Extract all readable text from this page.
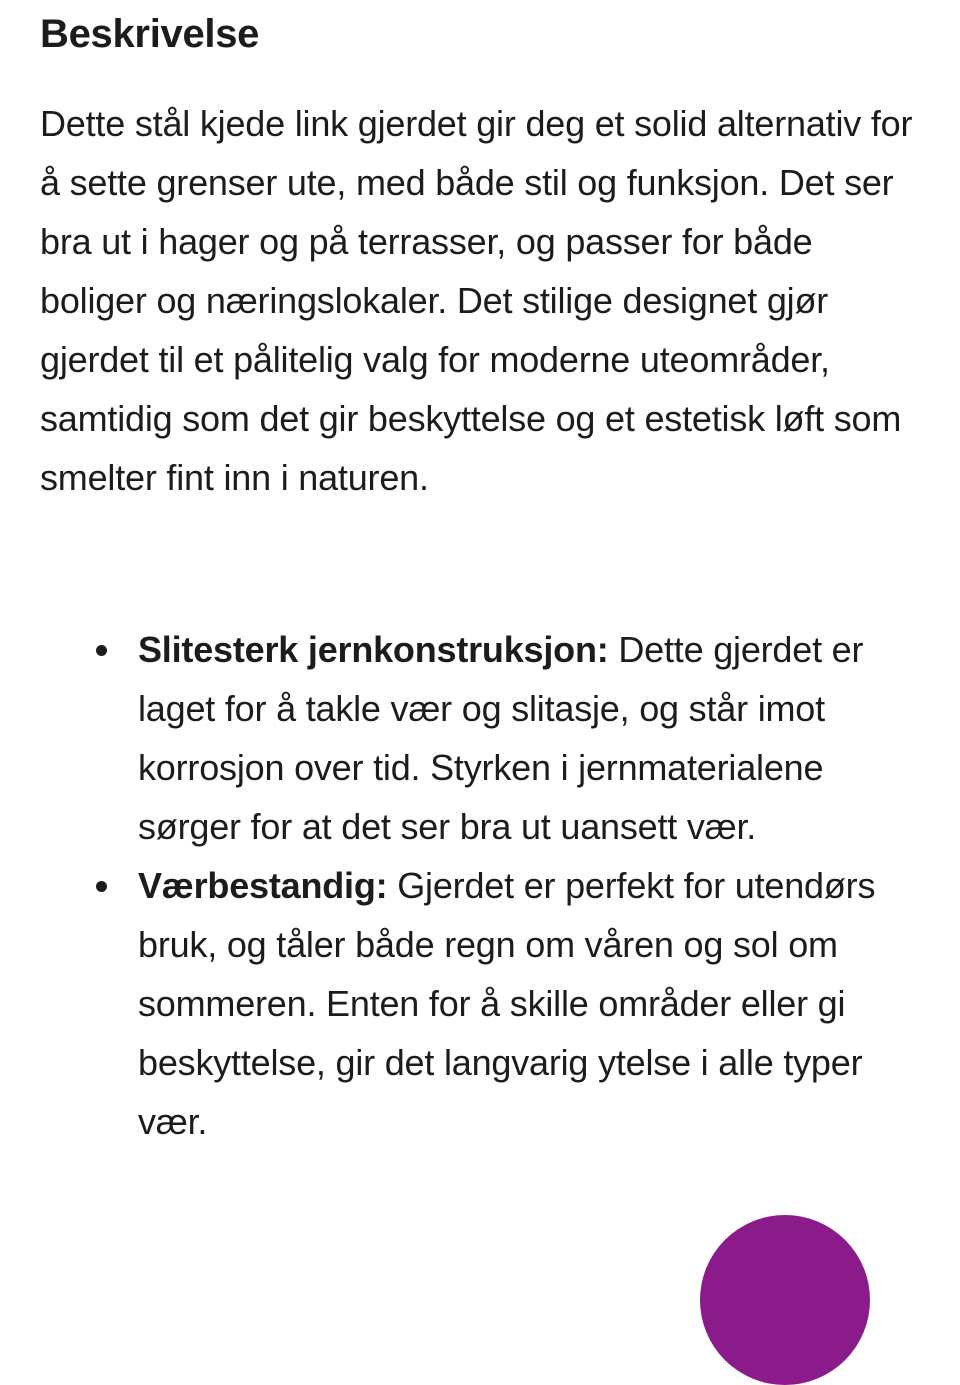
Beskrivelse

Dette stål kjede link gjerdet gir deg et solid alternativ for å sette grenser ute, med både stil og funksjon. Det ser bra ut i hager og på terrasser, og passer for både boliger og næringslokaler. Det stilige designet gjør gjerdet til et pålitelig valg for moderne uteområder, samtidig som det gir beskyttelse og et estetisk løft som smelter fint inn i naturen.

Slitesterk jernkonstruksjon: Dette gjerdet er laget for å takle vær og slitasje, og står imot korrosjon over tid. Styrken i jernmaterialene sørger for at det ser bra ut uansett vær.
Værbestandig: Gjerdet er perfekt for utendørs bruk, og tåler både regn om våren og sol om sommeren. Enten for å skille områder eller gi beskyttelse, gir det langvarig ytelse i alle typer vær.
